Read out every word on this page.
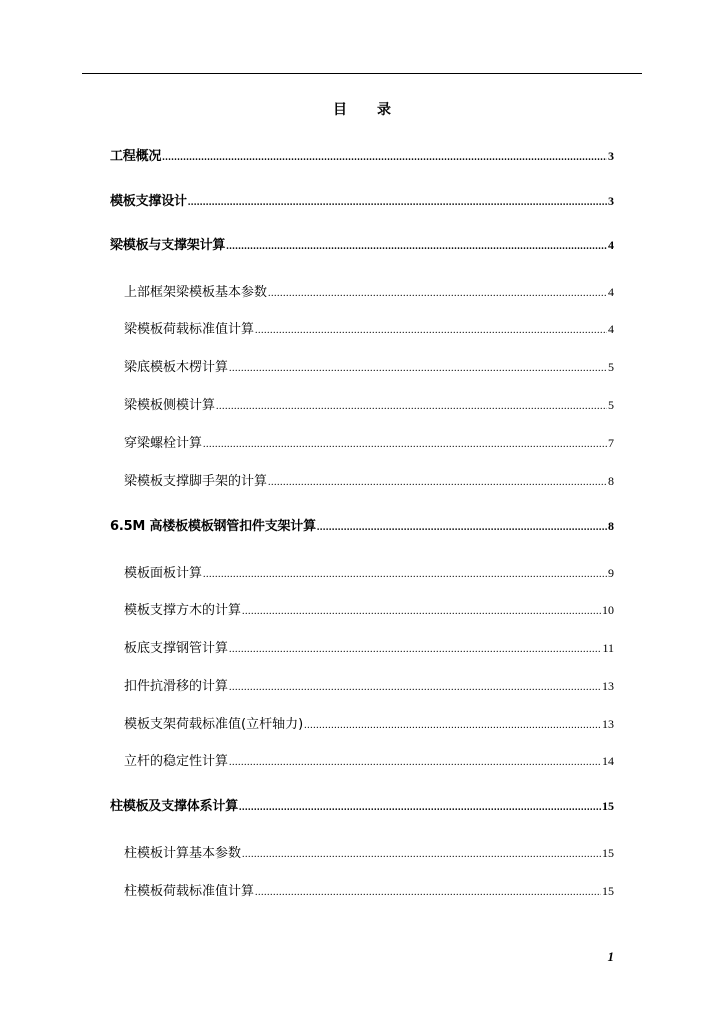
目 录
工程概况 .....	3
模板支撑设计 .....	3
梁模板与支撑架计算 .....	4
上部框架梁模板基本参数 .....	4
梁模板荷载标准值计算 .....	4
梁底模板木楞计算 .....	5
梁模板侧模计算 .....	5
穿梁螺栓计算 .....	7
梁模板支撑脚手架的计算 .....	8
6.5M 高楼板模板钢管扣件支架计算 .....	8
模板面板计算 .....	9
模板支撑方木的计算 .....	10
板底支撑钢管计算 .....	11
扣件抗滑移的计算 .....	13
模板支架荷载标准值(立杆轴力) .....	13
立杆的稳定性计算 .....	14
柱模板及支撑体系计算 .....	15
柱模板计算基本参数 .....	15
柱模板荷载标准值计算 .....	15
1
